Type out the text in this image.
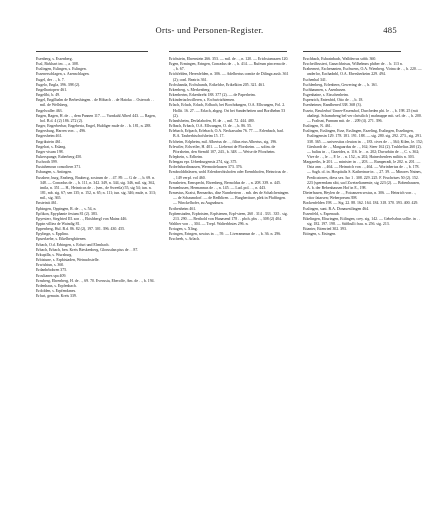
Orts- und Personen-Register.	485

Esenberg, s. Essenberg.

Essl, Birkhart im . ., a. 308.

Esslingen, Eslingen, s. Eslingen.

Essenerschlagen, s. Asenschlagen.

Eugel, der . ., b. 7.

Eugelo, Engla, 396. 398 (2).

Engelhartoperr 461.

Engelfhi, b. 49.

Engel, Engilbalm de Berbeshingen. . de Höbach . . de Hatoka . . Osterrab . . mil. de Wellsberg.

Engelwaller 463.

Engen, Ragen, H. de . ., dem Pannen 117. — Varnkahl Alberl 443. — Ragen, hol. B.d. 4 (2) 186. 272 (2).

Enger, Engerberhar, Engeberta, Engel, Huldiger mule de . . b. 181, n. 288.

Engersburg, Harren von . ., 496.

Engersheim 461.

Engrikstein 461.

Engelrat, s. Eslang.

Enger visum 198.

Eukerspunge, Euberberg 450.

Eschroth 399.

Eustahenoun consoltern 371.

Esbungen, s. Antingen.

Eussberr, burg, Enzberg, Baubecg, sostrum de . . 47. 89. — G de . ., b. 69. n. 348. — Conradus de . ., b. 111, n. 342. 349, n. 344, sig. 346, mil. sig. 362, imtla, n. 351 — H., Heinricus de . . (sen., de Sweetla) 55, sig 54; iun. n. 181, mb. sig. 67; sen 135; n. 152, n. 65; n. 111; iun. sig. 346; mule, n. 313; mil., sig. 365.

Ensteinit 461.

Epbingen, Oppingen, R. de . ., s. 54, n.

Epfikon, Epyphanie festum 81 (2). 383.

Epyesterr, Siegfried III. son . ., Ebishbergl von Mainz 446.

Eppin villiea de Waindig 81.

Eppenberg, Hul. B.d. 86. 82 (2), 197. 301. 396. 430. 455.

Epylingn, s. Epplina.

Epuerlaehe, s. Eikelbergbitenen.

Erbach, O.d. Erbingen, s. Erfurt und Elrmhach.

Erbach, Erbach, ben. Kreis Bieskenberg, Glorusdan pius de . . 87.

Erkupilla, s. Wurzburg.

Erbistune, s. Erpbistaden, Weinachstelle.

Erwishtun, s. 360.

Erdanbrbohren 375.

Erculianes spa 409.

Ernsberg, Ehrenberg, H. de . ., 69. 70. Everusia, Eberolfe, Am. de . ., b. 194.

Erdenhaus, s. Erpfenbach.

Erdolden, s. Erpfendanes.

Erfurt, gemain. Kreis 339.

Erichstein, Ehrenstein 266. 353. — mil. de . ., n. 120. — Erichstamsaen 120.

Ergen, Ermingen, Eringen, Conradus de . ., b. 414. — Rufeum pincerna de . ., b. 67.

Erichfelden, Herenfelden, n. 306. — Adelbertus comite de Dilinga ausb. 361 (2); conl. Beatrix 361.

Erchshanda, Erchshunds, Erikelche, Erikelkirn 205. 321. 461.

Erkenberg, s. Merkenberg.

Erkenbertm, Erkenbreht 188. 377 (2). — de Paperheim.

Erkindertachwilleren, s. Erchwirtzhiemen.

Erlach, Erlach, Erlach, Erlbach, bei Borchdungen, O.A. Ellwangen, Fol. 2. Hollit. 16. 27. — Erlach, abgeg. Ort bei Sanderheiten und Bordhehm 53 (2).

Erlandsheim, Derlalahofen, H. de . ., mil. 72. 444. 480.

Erlbach, Erbach, O.A. Ellwangen, O. de . ., b. 86. 55.

Erlebach, Erlpach, Erlebach, O.A. Neckarsulm 76. 77. — Erlenbach, bad. B.A. Tauberbischofsheim 15. 17.

Erlcheim, Erlpheim, mil. Albertus de . ., filius eius Albertus, sig. 196.

Erlewiler, Erlweiler, H. 401. — Liebenot de Florsheim. — solim. de Pforzheim, den Stemfil 107, 243., b. 348. — Weise de Pforzheim.

Erlephein, s. Erlheim.

Erlengau epr. Urbenburgensis 274, sig. 375.

Erdrelnhordinausen, Wermoiteluusen 373. 376.

Ermbrolddisleaen, wohl Erlenbrechtshofen oder Erembhofen, Heinricus de . ., 149 verpf. vol 460.

Ermsheten, Ermspecht, Ehrenberg, Bernoldus de . ., n. 208. 339. n. 445.

Ermenhusen, Hermannus de . ., n. 145. — Lud. pol. . ., n. 443.

Ermestus, Kraist, Bernardus, dise Nurnbertern . . mb. des de Schalcheningen. — de Schaumdorf. — de Redbliren. — Burgheriture, plek in Pfaffingen. — Winckelhofer, zu Augsnburn.

Erribenheim 461.

Erpbenstaden, Erpbristen, Erpfstenen, Erpf-steen, 260 . 314 . 333 . 335 . sig. 213. 290. — Berthold von Hunasend 178 . . pbch. pbs . ., 308 (2) 404.

Walther von . ., 304. — Trepf. Walterbbstes 296. n.

Erriagen, s. Xling.

Erringen, Eringen, sowius in . ., 59. — Liverammun de . ., b. 36. n. 296.

Erscheeb, s. Arlach.

Erschbach, Esbrainbach, Wallderrus sobb. 360.

Erscheilfrusteri, Ganzchhrisus, Wilhelmns phiber de . . b. 113 n.

Erabernert, Eschenanten, Eschwens, O.A. Wienberg. Virina de . ., b. 220. — anderlor, Eachadnbl, O.A. Ebersherkeim 229. 494.

Eschenhal 341.

Eschlenberg, Erlenbern, Gewering de . ., b. 161.

Eschbaumen, s. Asenhusen.

Esgenhaine, s. Eisschenheim.

Espenrich, Entenfrid, Otto de . ., b. 18.

Esenheimer, Randhened 338. 368 (3).

Esseto, Bawlerhof Unner-Essensbof, Durcheden phi. le . ., b. 198. 25 (mit abaltegi. Schamrbeng bel ver christlich ) mahnuppe mit. sel. de . ., b. 200. — Fraltsnt, Purnum mit. de . . 209 (4). 271. 396.

Esslingen, N. 461.

Esslingen, Esslingen, Esse, Esslingen, Ezzeling, Esslingen, Esselingen, Esslingensin 129. 178. 181. 191. 188. — sig. 280. sig. 292. 273., sig. 291. 338. 365. — universitas cleuion in . ., 183. cives de . ., 364; Kilen, le. 152; Gieshardt de . ., Margaardus de . ., 162; Sieer 162 (2). Truhhelius 260 (2). — bulias in . ., Gazetdes, n. 116. le . . n. 202; Duvarbiin de . ., C. s. 362; Vive de . ., le . ., F. le . . n. 152., n. 202; Hainechenlees militis n. 303.

Margareths, le 201. — minister in . ., 203. — Ramperadi, le 202. n. 201. — Osta ann . ., 464. — Heimrich von . ., 464. — Worinbertus de . ., b. 178. — Sagh. ol. in. Hospitalis S. Katherinae in . ., 27. 39. — Minores Nnines, Predicatorres, diess sex. Iso 1 . 308. 229. 225. F. Fruchriues 50 (2). 152. 223 (sperendam sibi, sacl Zweizelianemie, sig 223 (2). — Bobenhausen, A. b. der Bebenhausen Hof in E., 198.

Dieterhusen, Heylen de . ., Fotoanzen sextus, n. 306. — Heinrich von . ., vitor fatarsen; Weberpreum 398.

Bockenfelden 198. — Sig. 22. 88. 162. 164. 184. 318. 370. 393. 400. 429.

Esslingen, sunt. B.A. Donauestlingen 464.

Essenfeld, s. Espenaub.

Etkelingen, Elturingen, Etilingen, crey. sig. 142. — Gebelsrhus sollte. in . . sig. 182. 197. 198. — Stiftbulli frau. n. 256. sig. 213.

Ettanter, Ettenried 302. 393.

Ettingen, s. Eisingen.
